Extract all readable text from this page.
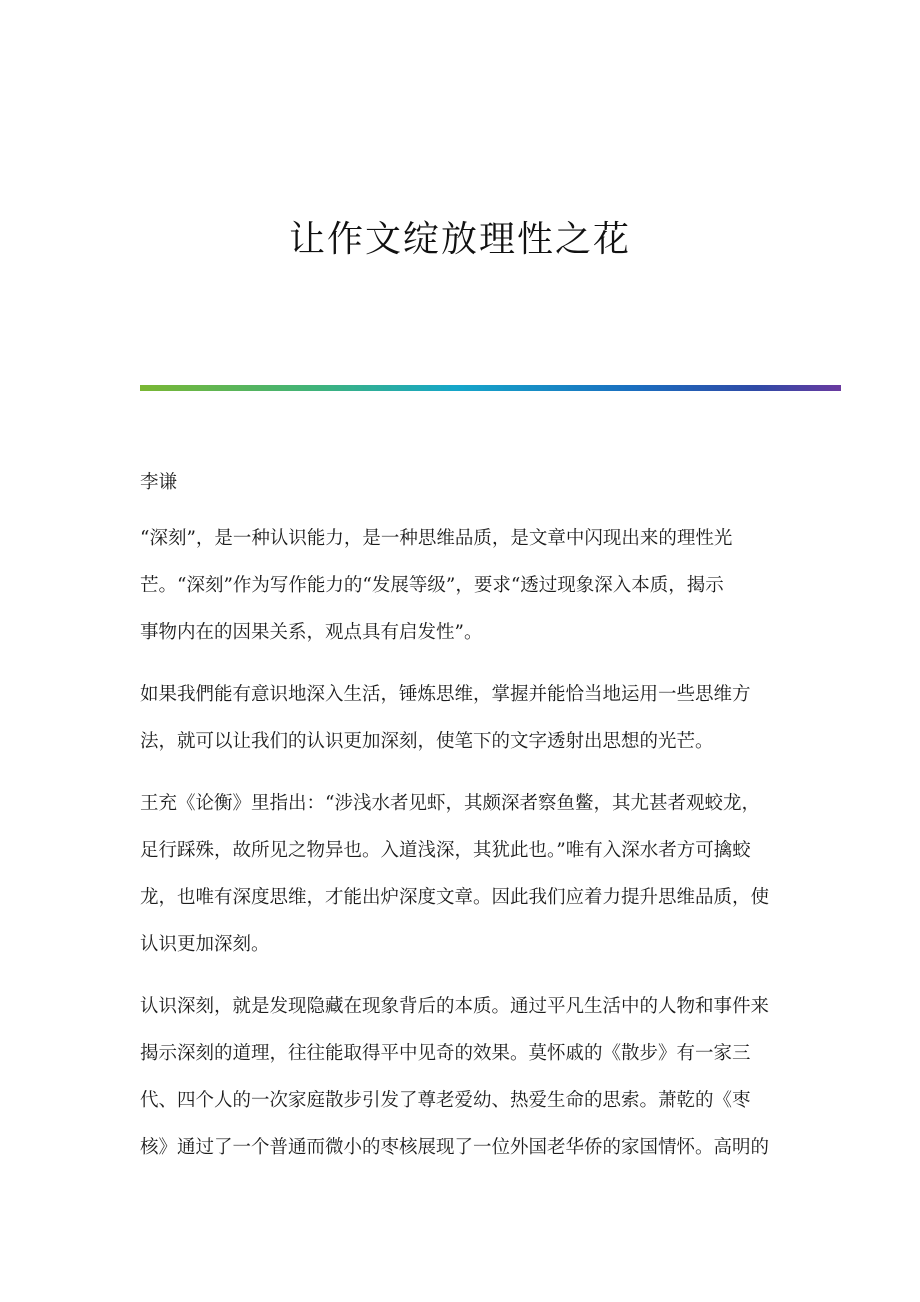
让作文绽放理性之花
李谦
“深刻”，是一种认识能力，是一种思维品质，是文章中闪现出来的理性光
芒。“深刻”作为写作能力的“发展等级”，要求“透过现象深入本质，揭示
事物内在的因果关系，观点具有启发性”。
如果我們能有意识地深入生活，锤炼思维，掌握并能恰当地运用一些思维方
法，就可以让我们的认识更加深刻，使笔下的文字透射出思想的光芒。
王充《论衡》里指出：“涉浅水者见虾，其颇深者察鱼鳖，其尤甚者观蛟龙，
足行踩殊，故所见之物异也。入道浅深，其犹此也。”唯有入深水者方可擒蛟
龙，也唯有深度思维，才能出炉深度文章。因此我们应着力提升思维品质，使
认识更加深刻。
认识深刻，就是发现隐藏在现象背后的本质。通过平凡生活中的人物和事件来
揭示深刻的道理，往往能取得平中见奇的效果。莫怀戚的《散步》有一家三
代、四个人的一次家庭散步引发了尊老爱幼、热爱生命的思索。萧乾的《枣
核》通过了一个普通而微小的枣核展现了一位外国老华侨的家国情怀。高明的
